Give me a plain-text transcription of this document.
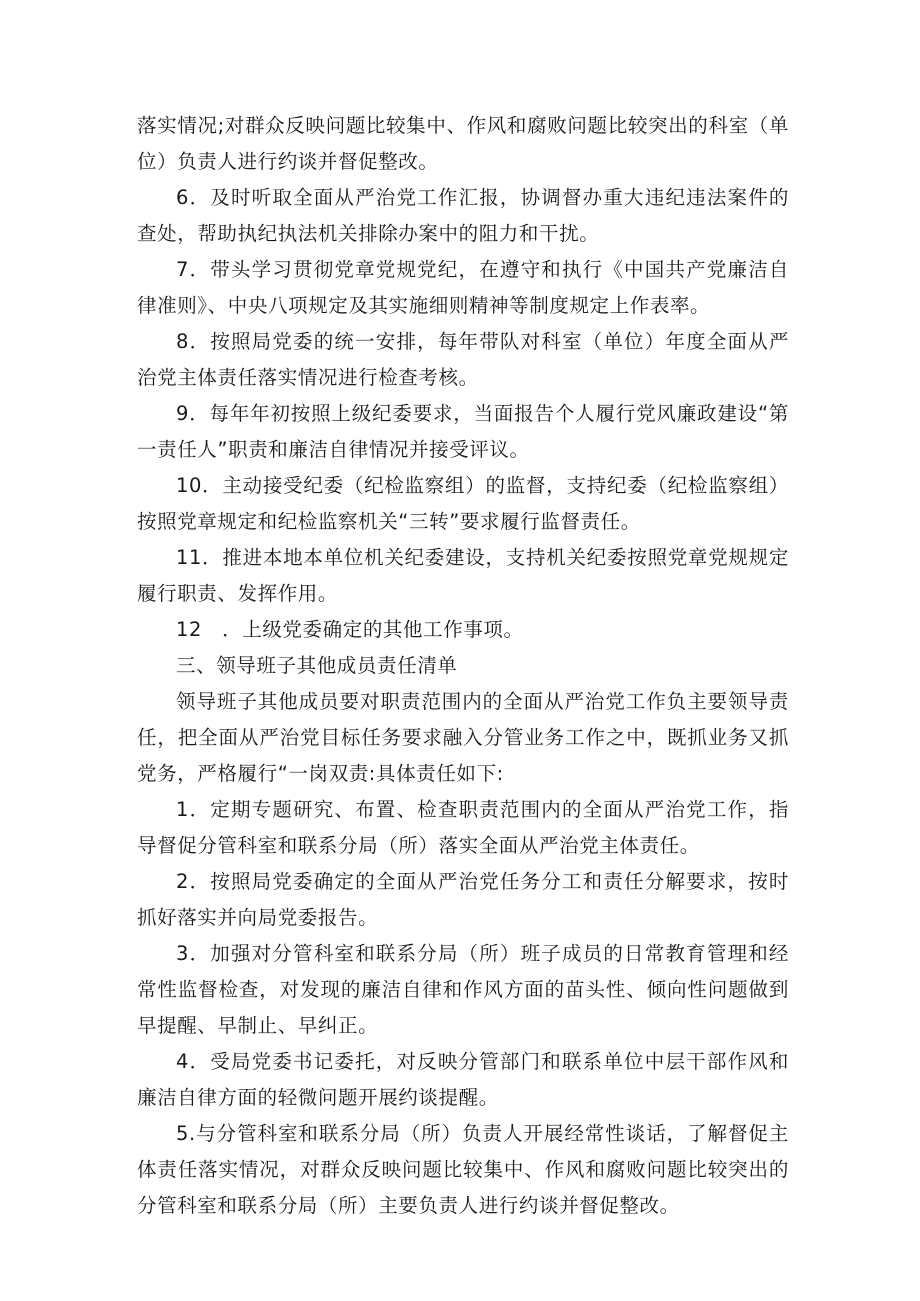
落实情况;对群众反映问题比较集中、作风和腐败问题比较突出的科室（单位）负责人进行约谈并督促整改。

6．及时听取全面从严治党工作汇报，协调督办重大违纪违法案件的查处，帮助执纪执法机关排除办案中的阻力和干扰。

7．带头学习贯彻党章党规党纪，在遵守和执行《中国共产党廉洁自律准则》、中央八项规定及其实施细则精神等制度规定上作表率。

8．按照局党委的统一安排，每年带队对科室（单位）年度全面从严治党主体责任落实情况进行检查考核。

9．每年年初按照上级纪委要求，当面报告个人履行党风廉政建设“第一责任人”职责和廉洁自律情况并接受评议。

10．主动接受纪委（纪检监察组）的监督，支持纪委（纪检监察组）按照党章规定和纪检监察机关“三转”要求履行监督责任。

11．推进本地本单位机关纪委建设，支持机关纪委按照党章党规规定履行职责、发挥作用。

12　．上级党委确定的其他工作事项。

三、领导班子其他成员责任清单

领导班子其他成员要对职责范围内的全面从严治党工作负主要领导责任，把全面从严治党目标任务要求融入分管业务工作之中，既抓业务又抓党务，严格履行“一岗双责:具体责任如下:

1．定期专题研究、布置、检查职责范围内的全面从严治党工作，指导督促分管科室和联系分局（所）落实全面从严治党主体责任。

2．按照局党委确定的全面从严治党任务分工和责任分解要求，按时抓好落实并向局党委报告。

3．加强对分管科室和联系分局（所）班子成员的日常教育管理和经常性监督检查，对发现的廉洁自律和作风方面的苗头性、倾向性问题做到早提醒、早制止、早纠正。

4．受局党委书记委托，对反映分管部门和联系单位中层干部作风和廉洁自律方面的轻微问题开展约谈提醒。

5.与分管科室和联系分局（所）负责人开展经常性谈话，了解督促主体责任落实情况，对群众反映问题比较集中、作风和腐败问题比较突出的分管科室和联系分局（所）主要负责人进行约谈并督促整改。
